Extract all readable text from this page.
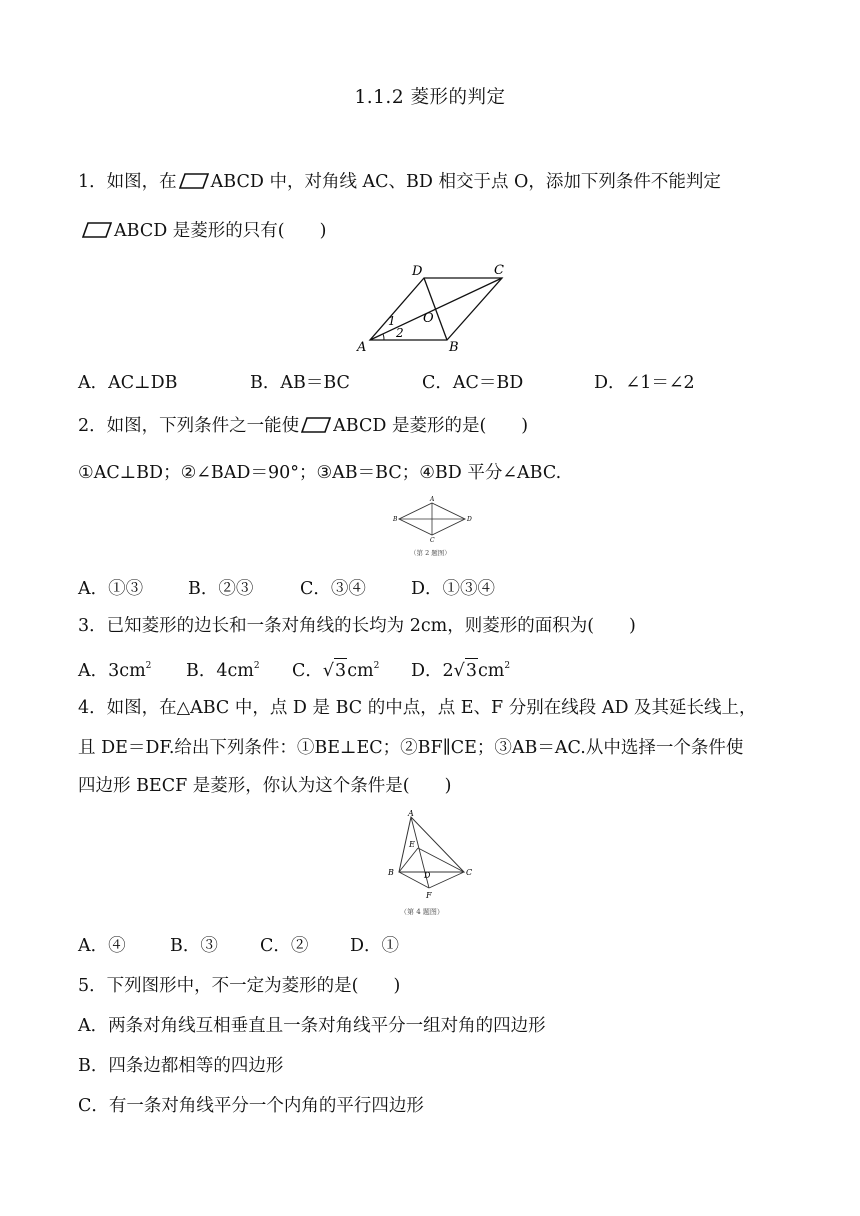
1.1.2 菱形的判定
1．如图，在 ABCD 中，对角线 AC、BD 相交于点 O，添加下列条件不能判定
ABCD 是菱形的只有(　　)
D	C
A	B
O
1
2
A．AC⊥DB	B．AB＝BC	C．AC＝BD	D．∠1＝∠2
2．如图，下列条件之一能使 ABCD 是菱形的是(　　)
①AC⊥BD；②∠BAD＝90°；③AB＝BC；④BD 平分∠ABC.
A
B
C
D
（第 2 题图）
A．①③	B．②③	C．③④	D．①③④
3．已知菱形的边长和一条对角线的长均为 2cm，则菱形的面积为(　　)
A．$3cm^2$ B．$4cm^2$ C．$√3cm^2$ D．$2√3cm^2$
4．如图，在△ABC 中，点 D 是 BC 的中点，点 E、F 分别在线段 AD 及其延长线上，
且 DE＝DF.给出下列条件：①BE⊥EC；②BF∥CE；③AB＝AC.从中选择一个条件使
四边形 BECF 是菱形，你认为这个条件是(　　)
A
E
B	D	C
F
（第 4 题图）
A．④	B．③ C．② D．①
5．下列图形中，不一定为菱形的是(　　)
A．两条对角线互相垂直且一条对角线平分一组对角的四边形
B．四条边都相等的四边形
C．有一条对角线平分一个内角的平行四边形
